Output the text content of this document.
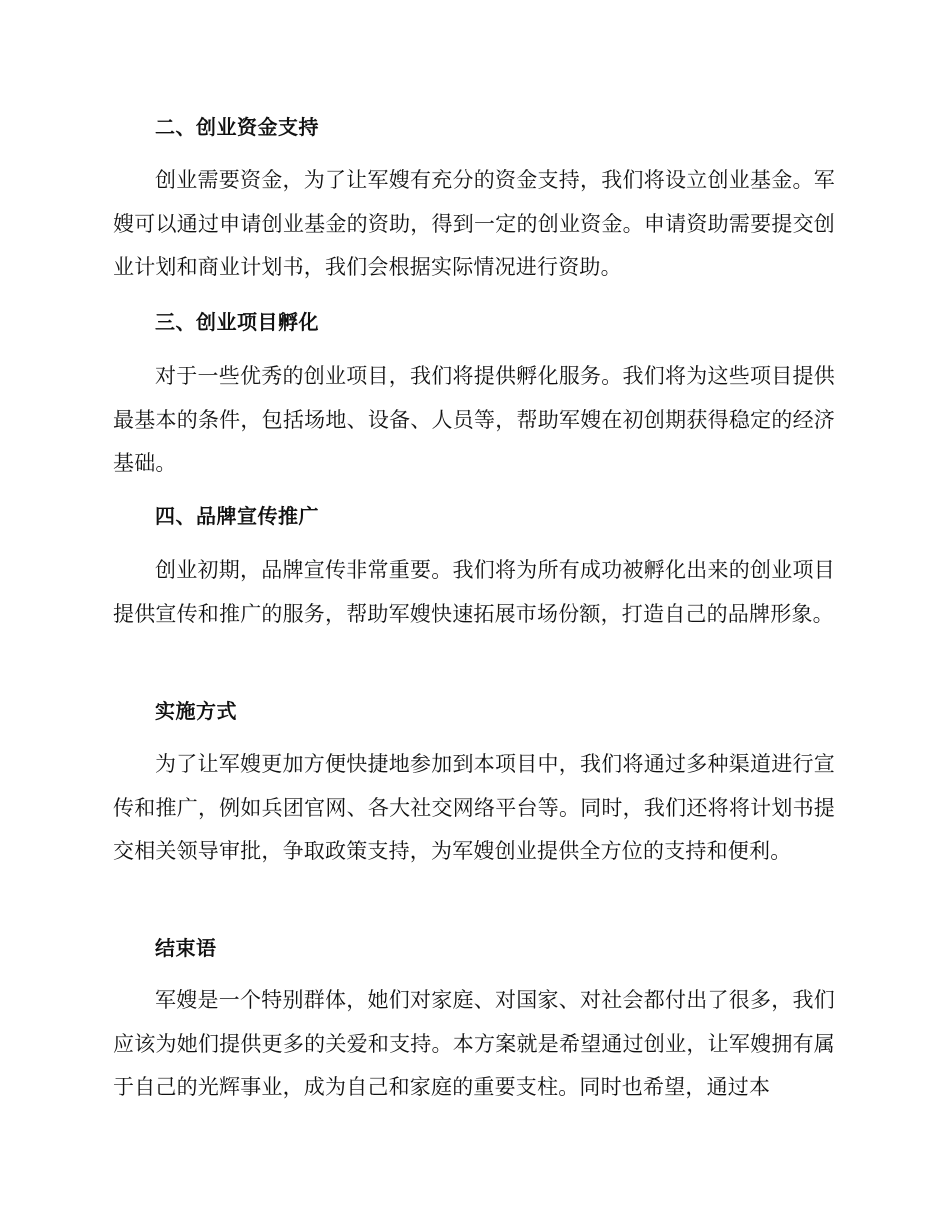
二、创业资金支持

创业需要资金，为了让军嫂有充分的资金支持，我们将设立创业基金。军嫂可以通过申请创业基金的资助，得到一定的创业资金。申请资助需要提交创业计划和商业计划书，我们会根据实际情况进行资助。

三、创业项目孵化

对于一些优秀的创业项目，我们将提供孵化服务。我们将为这些项目提供最基本的条件，包括场地、设备、人员等，帮助军嫂在初创期获得稳定的经济基础。

四、品牌宣传推广

创业初期，品牌宣传非常重要。我们将为所有成功被孵化出来的创业项目提供宣传和推广的服务，帮助军嫂快速拓展市场份额，打造自己的品牌形象。

实施方式

为了让军嫂更加方便快捷地参加到本项目中，我们将通过多种渠道进行宣传和推广，例如兵团官网、各大社交网络平台等。同时，我们还将将计划书提交相关领导审批，争取政策支持，为军嫂创业提供全方位的支持和便利。

结束语

军嫂是一个特别群体，她们对家庭、对国家、对社会都付出了很多，我们应该为她们提供更多的关爱和支持。本方案就是希望通过创业，让军嫂拥有属于自己的光辉事业，成为自己和家庭的重要支柱。同时也希望，通过本
